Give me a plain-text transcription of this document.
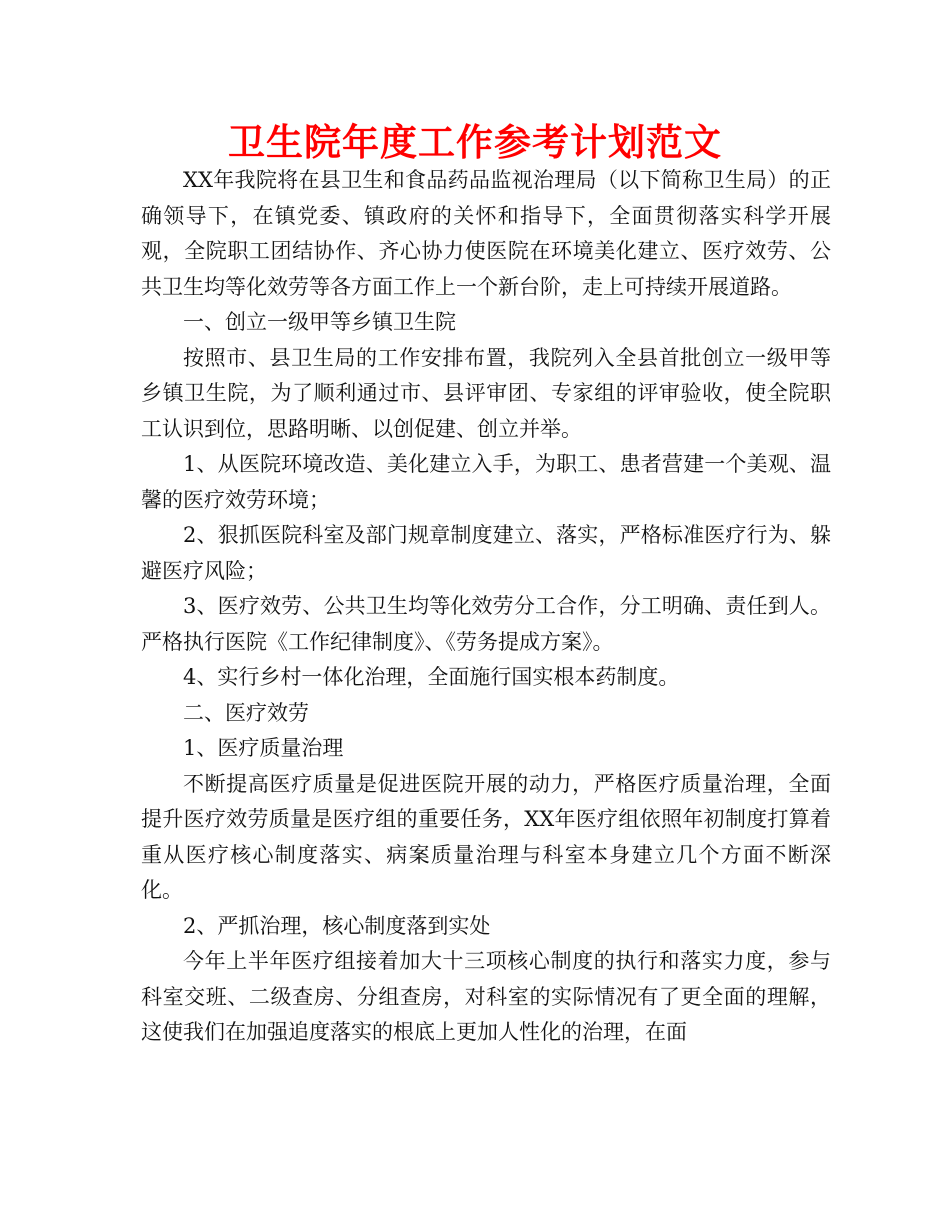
卫生院年度工作参考计划范文

XX年我院将在县卫生和食品药品监视治理局（以下简称卫生局）的正确领导下，在镇党委、镇政府的关怀和指导下，全面贯彻落实科学开展观，全院职工团结协作、齐心协力使医院在环境美化建立、医疗效劳、公共卫生均等化效劳等各方面工作上一个新台阶，走上可持续开展道路。

一、创立一级甲等乡镇卫生院

按照市、县卫生局的工作安排布置，我院列入全县首批创立一级甲等乡镇卫生院，为了顺利通过市、县评审团、专家组的评审验收，使全院职工认识到位，思路明晰、以创促建、创立并举。

1、从医院环境改造、美化建立入手，为职工、患者营建一个美观、温馨的医疗效劳环境；

2、狠抓医院科室及部门规章制度建立、落实，严格标准医疗行为、躲避医疗风险；

3、医疗效劳、公共卫生均等化效劳分工合作，分工明确、责任到人。严格执行医院《工作纪律制度》、《劳务提成方案》。

4、实行乡村一体化治理，全面施行国实根本药制度。

二、医疗效劳

1、医疗质量治理

不断提高医疗质量是促进医院开展的动力，严格医疗质量治理，全面提升医疗效劳质量是医疗组的重要任务，XX年医疗组依照年初制度打算着重从医疗核心制度落实、病案质量治理与科室本身建立几个方面不断深化。

2、严抓治理，核心制度落到实处

今年上半年医疗组接着加大十三项核心制度的执行和落实力度，参与科室交班、二级查房、分组查房，对科室的实际情况有了更全面的理解，这使我们在加强追度落实的根底上更加人性化的治理，在面
